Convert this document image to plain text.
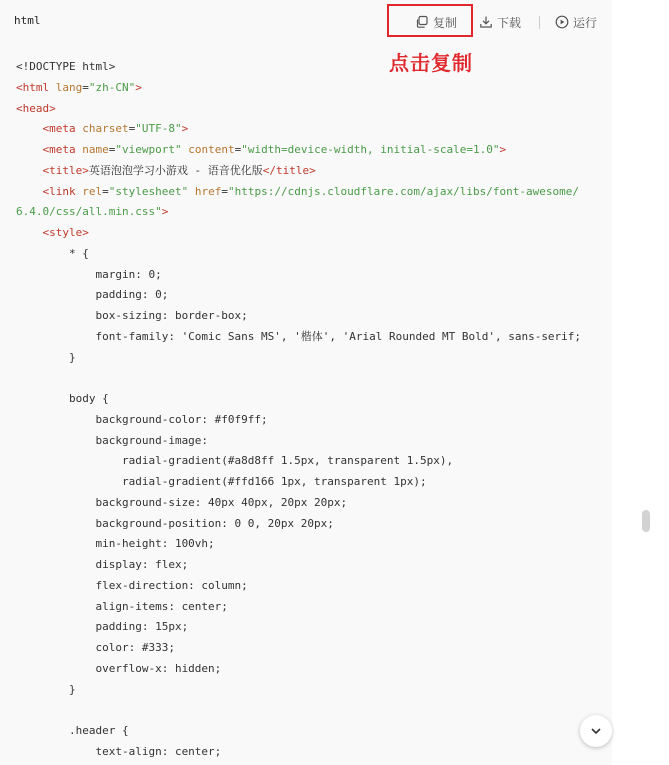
html	复制	下载	运行
点击复制
<!DOCTYPE html>
<html lang="zh-CN">
<head>
<meta charset="UTF-8">
<meta name="viewport" content="width=device-width, initial-scale=1.0">
<title>英语泡泡学习小游戏 - 语音优化版</title>
<link rel="stylesheet" href="https://cdnjs.cloudflare.com/ajax/libs/font-awesome/
6.4.0/css/all.min.css">
<style>
* {
margin: 0;
padding: 0;
box-sizing: border-box;
font-family: 'Comic Sans MS', '楷体', 'Arial Rounded MT Bold', sans-serif;
}
body {
background-color: #f0f9ff;
background-image:
radial-gradient(#a8d8ff 1.5px, transparent 1.5px),
radial-gradient(#ffd166 1px, transparent 1px);
background-size: 40px 40px, 20px 20px;
background-position: 0 0, 20px 20px;
min-height: 100vh;
display: flex;
flex-direction: column;
align-items: center;
padding: 15px;
color: #333;
overflow-x: hidden;
}
.header {
text-align: center;
